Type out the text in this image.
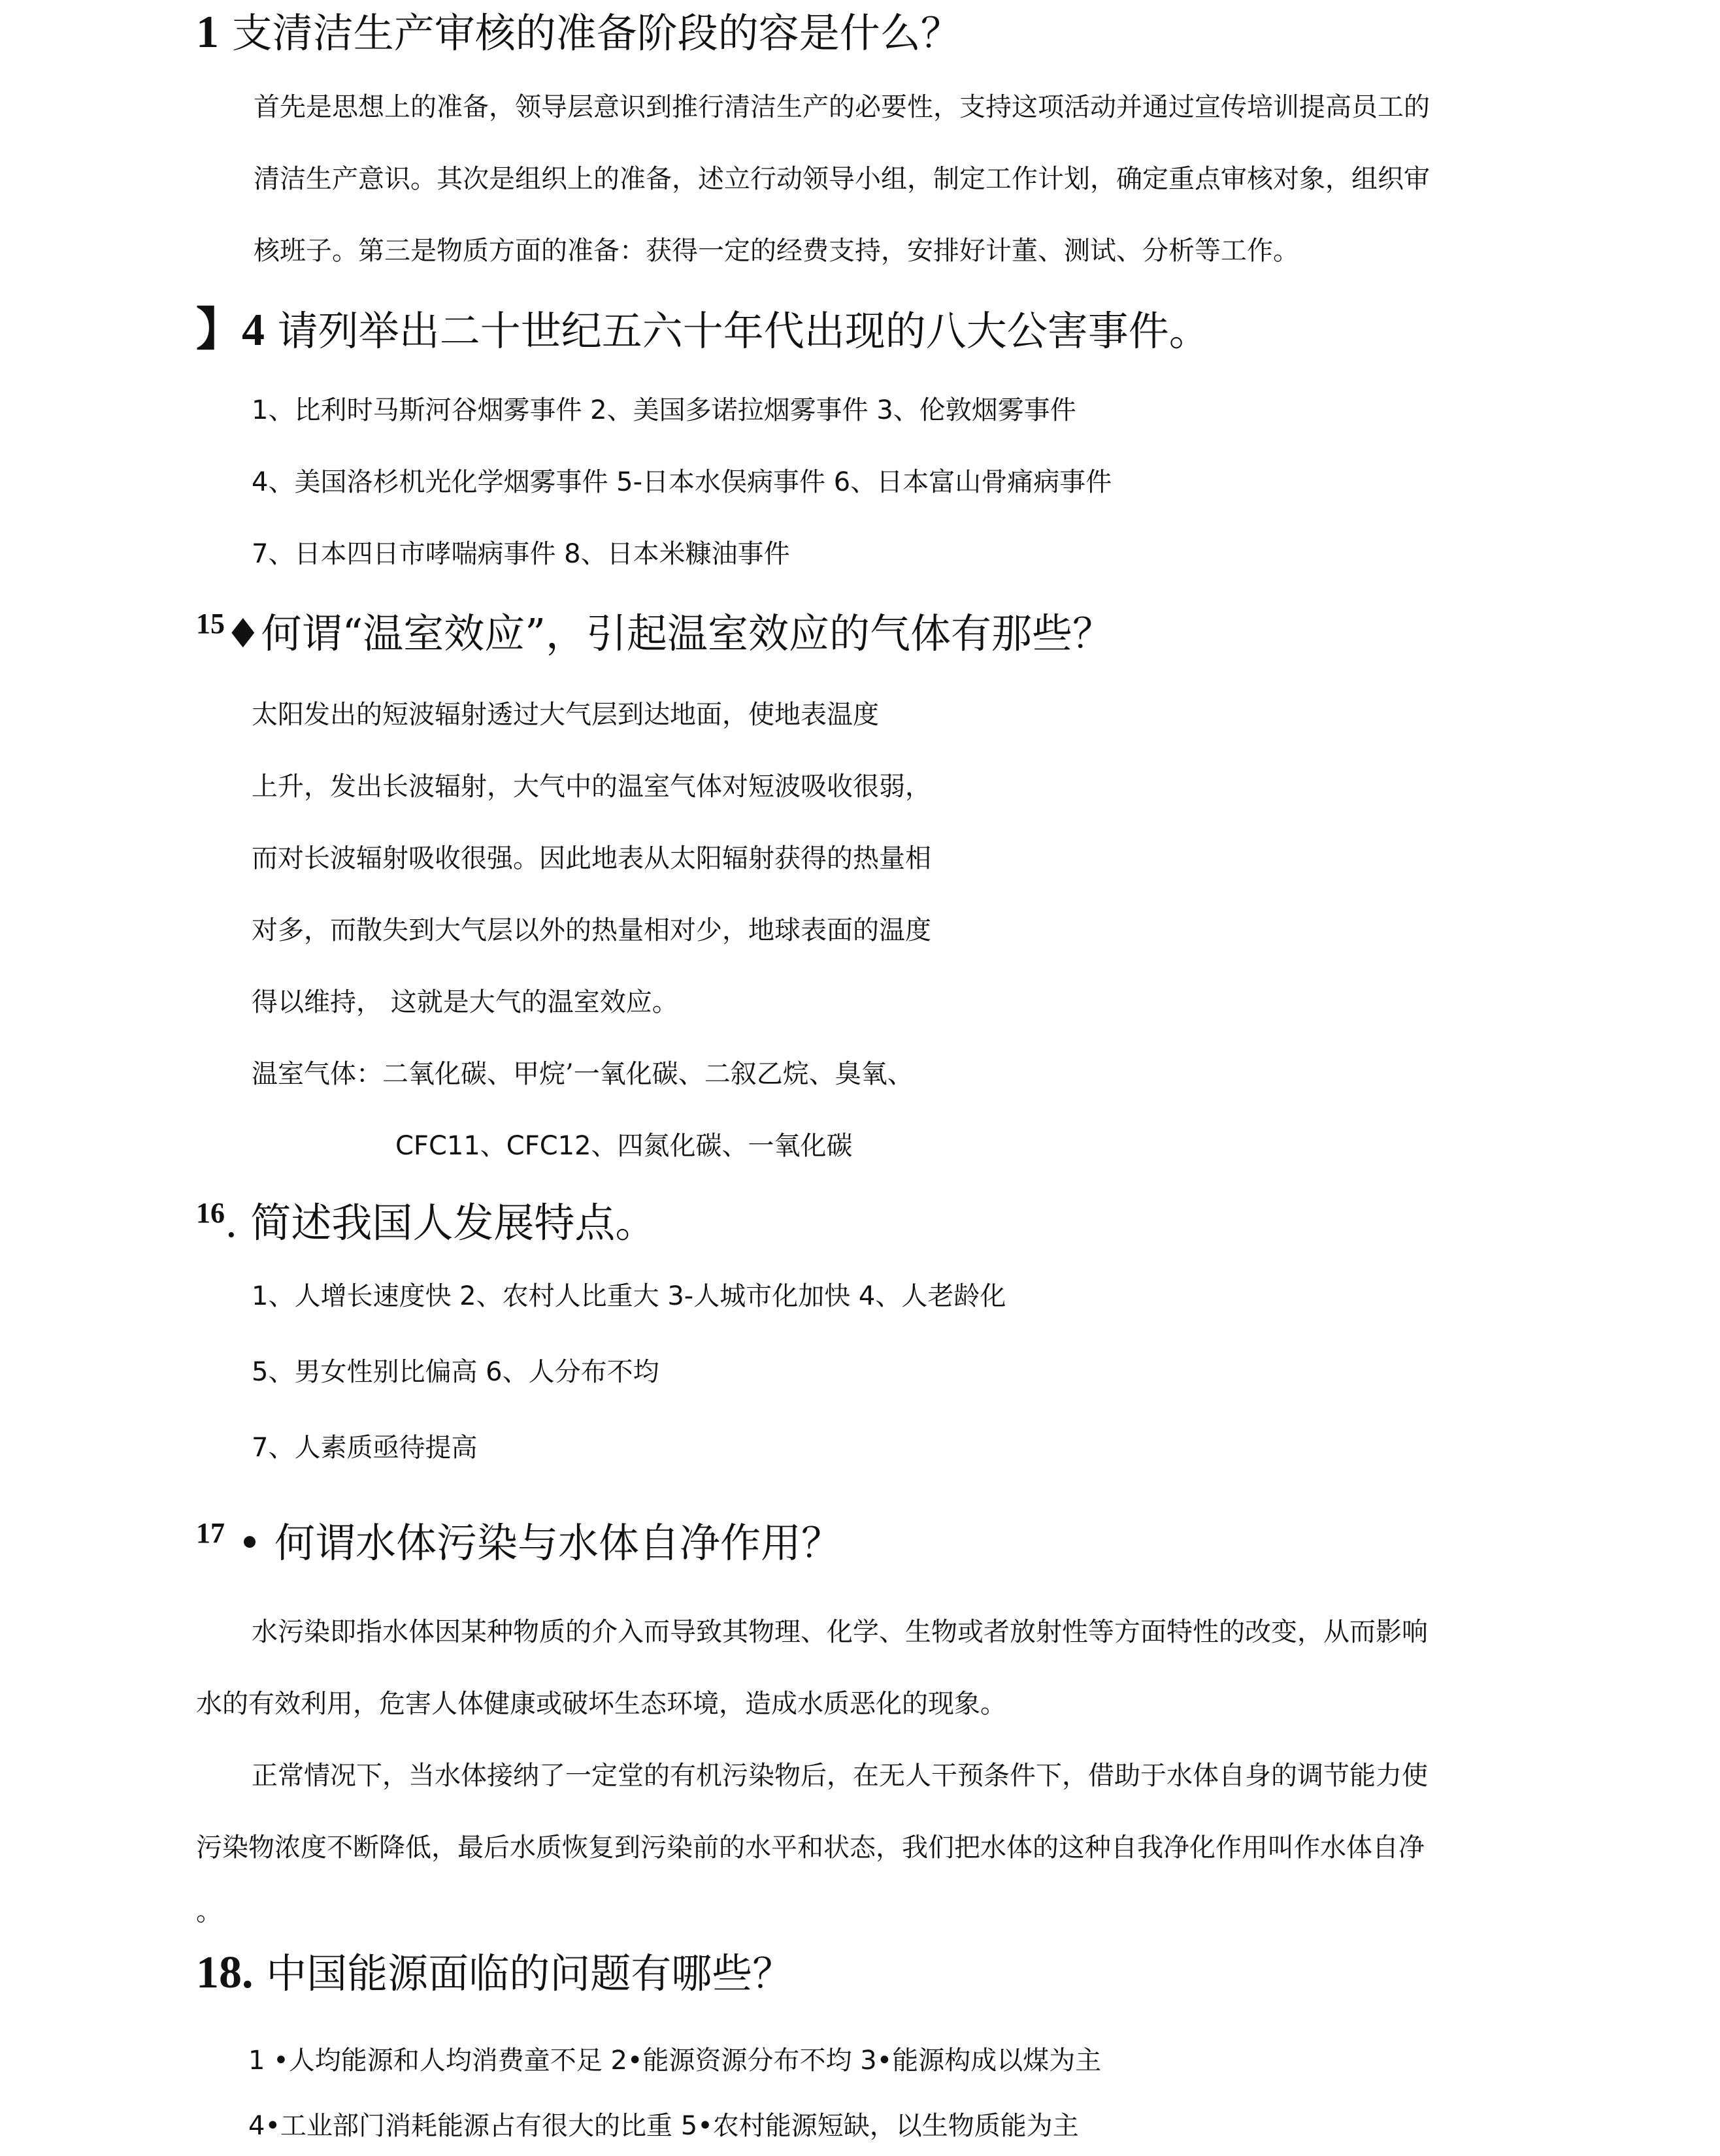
1 支清洁生产审核的准备阶段的容是什么？
首先是思想上的准备，领导层意识到推行清洁生产的必要性，支持这项活动并通过宣传培训提高员工的
清洁生产意识。其次是组织上的准备，述立行动领导小组，制定工作计划，确定重点审核对象，组织审
核班子。第三是物质方面的准备：获得一定的经费支持，安排好计董、测试、分析等工作。
】4 请列举出二十世纪五六十年代出现的八大公害事件。
1、比利时马斯河谷烟雾事件 2、美国多诺拉烟雾事件 3、伦敦烟雾事件
4、美国洛杉机光化学烟雾事件 5-日本水俣病事件 6、日本富山骨痛病事件
7、日本四日市哮喘病事件 8、日本米糠油事件
$^{15}$♦何谓“温室效应”，引起温室效应的气体有那些？
太阳发出的短波辐射透过大气层到达地面，使地表温度
上升，发出长波辐射，大气中的温室气体对短波吸收很弱，
而对长波辐射吸收很强。因此地表从太阳辐射获得的热量相
对多，而散失到大气层以外的热量相对少，地球表面的温度
得以维持， 这就是大气的温室效应。
温室气体：二氧化碳、甲烷’一氧化碳、二叙乙烷、臭氧、
CFC11、CFC12、四氮化碳、一氧化碳
$^{16}$. 简述我国人发展特点。
1、人增长速度快 2、农村人比重大 3-人城市化加快 4、人老龄化
5、男女性别比偏高 6、人分布不均
7、人素质亟待提高
$^{17}$ • 何谓水体污染与水体自净作用？
水污染即指水体因某种物质的介入而导致其物理、化学、生物或者放射性等方面特性的改变，从而影响
水的有效利用，危害人体健康或破坏生态环境，造成水质恶化的现象。
正常情况下，当水体接纳了一定堂的有机污染物后，在无人干预条件下，借助于水体自身的调节能力使
污染物浓度不断降低，最后水质恢复到污染前的水平和状态，我们把水体的这种自我净化作用叫作水体自净
。
18. 中国能源面临的问题有哪些？
1 •人均能源和人均消费童不足 2•能源资源分布不均 3•能源构成以煤为主
4•工业部门消耗能源占有很大的比重 5•农村能源短缺，以生物质能为主
